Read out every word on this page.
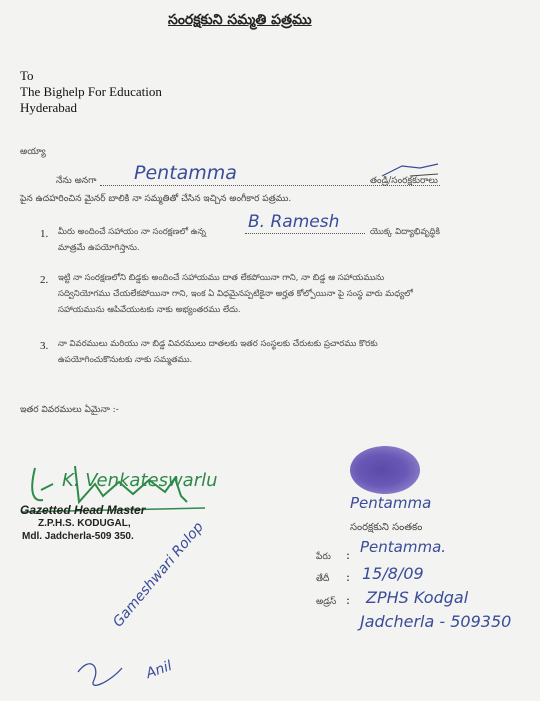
సంరక్షకుని సమ్మతి పత్రము
To
The Bighelp For Education
Hyderabad
అయ్యా
నేను అనగా Pentamma	తండ్రి/సంరక్షకురాలు
పైన ఉదహరించిన మైనర్ బాలికి నా సమ్మతితో చేసిన ఇచ్చిన అంగీకార పత్రము.
1. మీరు అందించే సహాయం నా సంరక్షణలో ఉన్న B. Ramesh	యొక్క విద్యాభివృద్ధికి
మాత్రమే ఉపయోగిస్తాను.
2. ఇట్టి నా సంరక్షణలోని బిడ్డకు అందించే సహాయము దాత లేకపోయినా గాని, నా బిడ్డ ఆ సహాయమును
సద్వినియోగము చేయలేకపోయినా గాని, ఇంక ఏ విధమైనప్పటికైనా అర్హత కోల్పోయినా పై సంస్థ వారు మధ్యలో
సహాయమును ఆపివేయుటకు నాకు అభ్యంతరము లేదు.
3. నా వివరములు మరియు నా బిడ్డ వివరములు దాతలకు ఇతర సంస్థలకు చేరుటకు ప్రచారము కొరకు
ఉపయోగించుకొనుటకు నాకు సమ్మతము.
ఇతర వివరములు ఏమైనా :-
K. Venkateswarlu
Gazetted Head Master
Z.P.H.S. KODUGAL,
Mdl. Jadcherla-509 350.
Pentamma
సంరక్షకుని సంతకం
పేరు : Pentamma.
తేదీ : 15/8/09
అడ్రస్ : ZPHS Kodgal
Jadcherla - 509350
Gameshwari Rolop
Anil
